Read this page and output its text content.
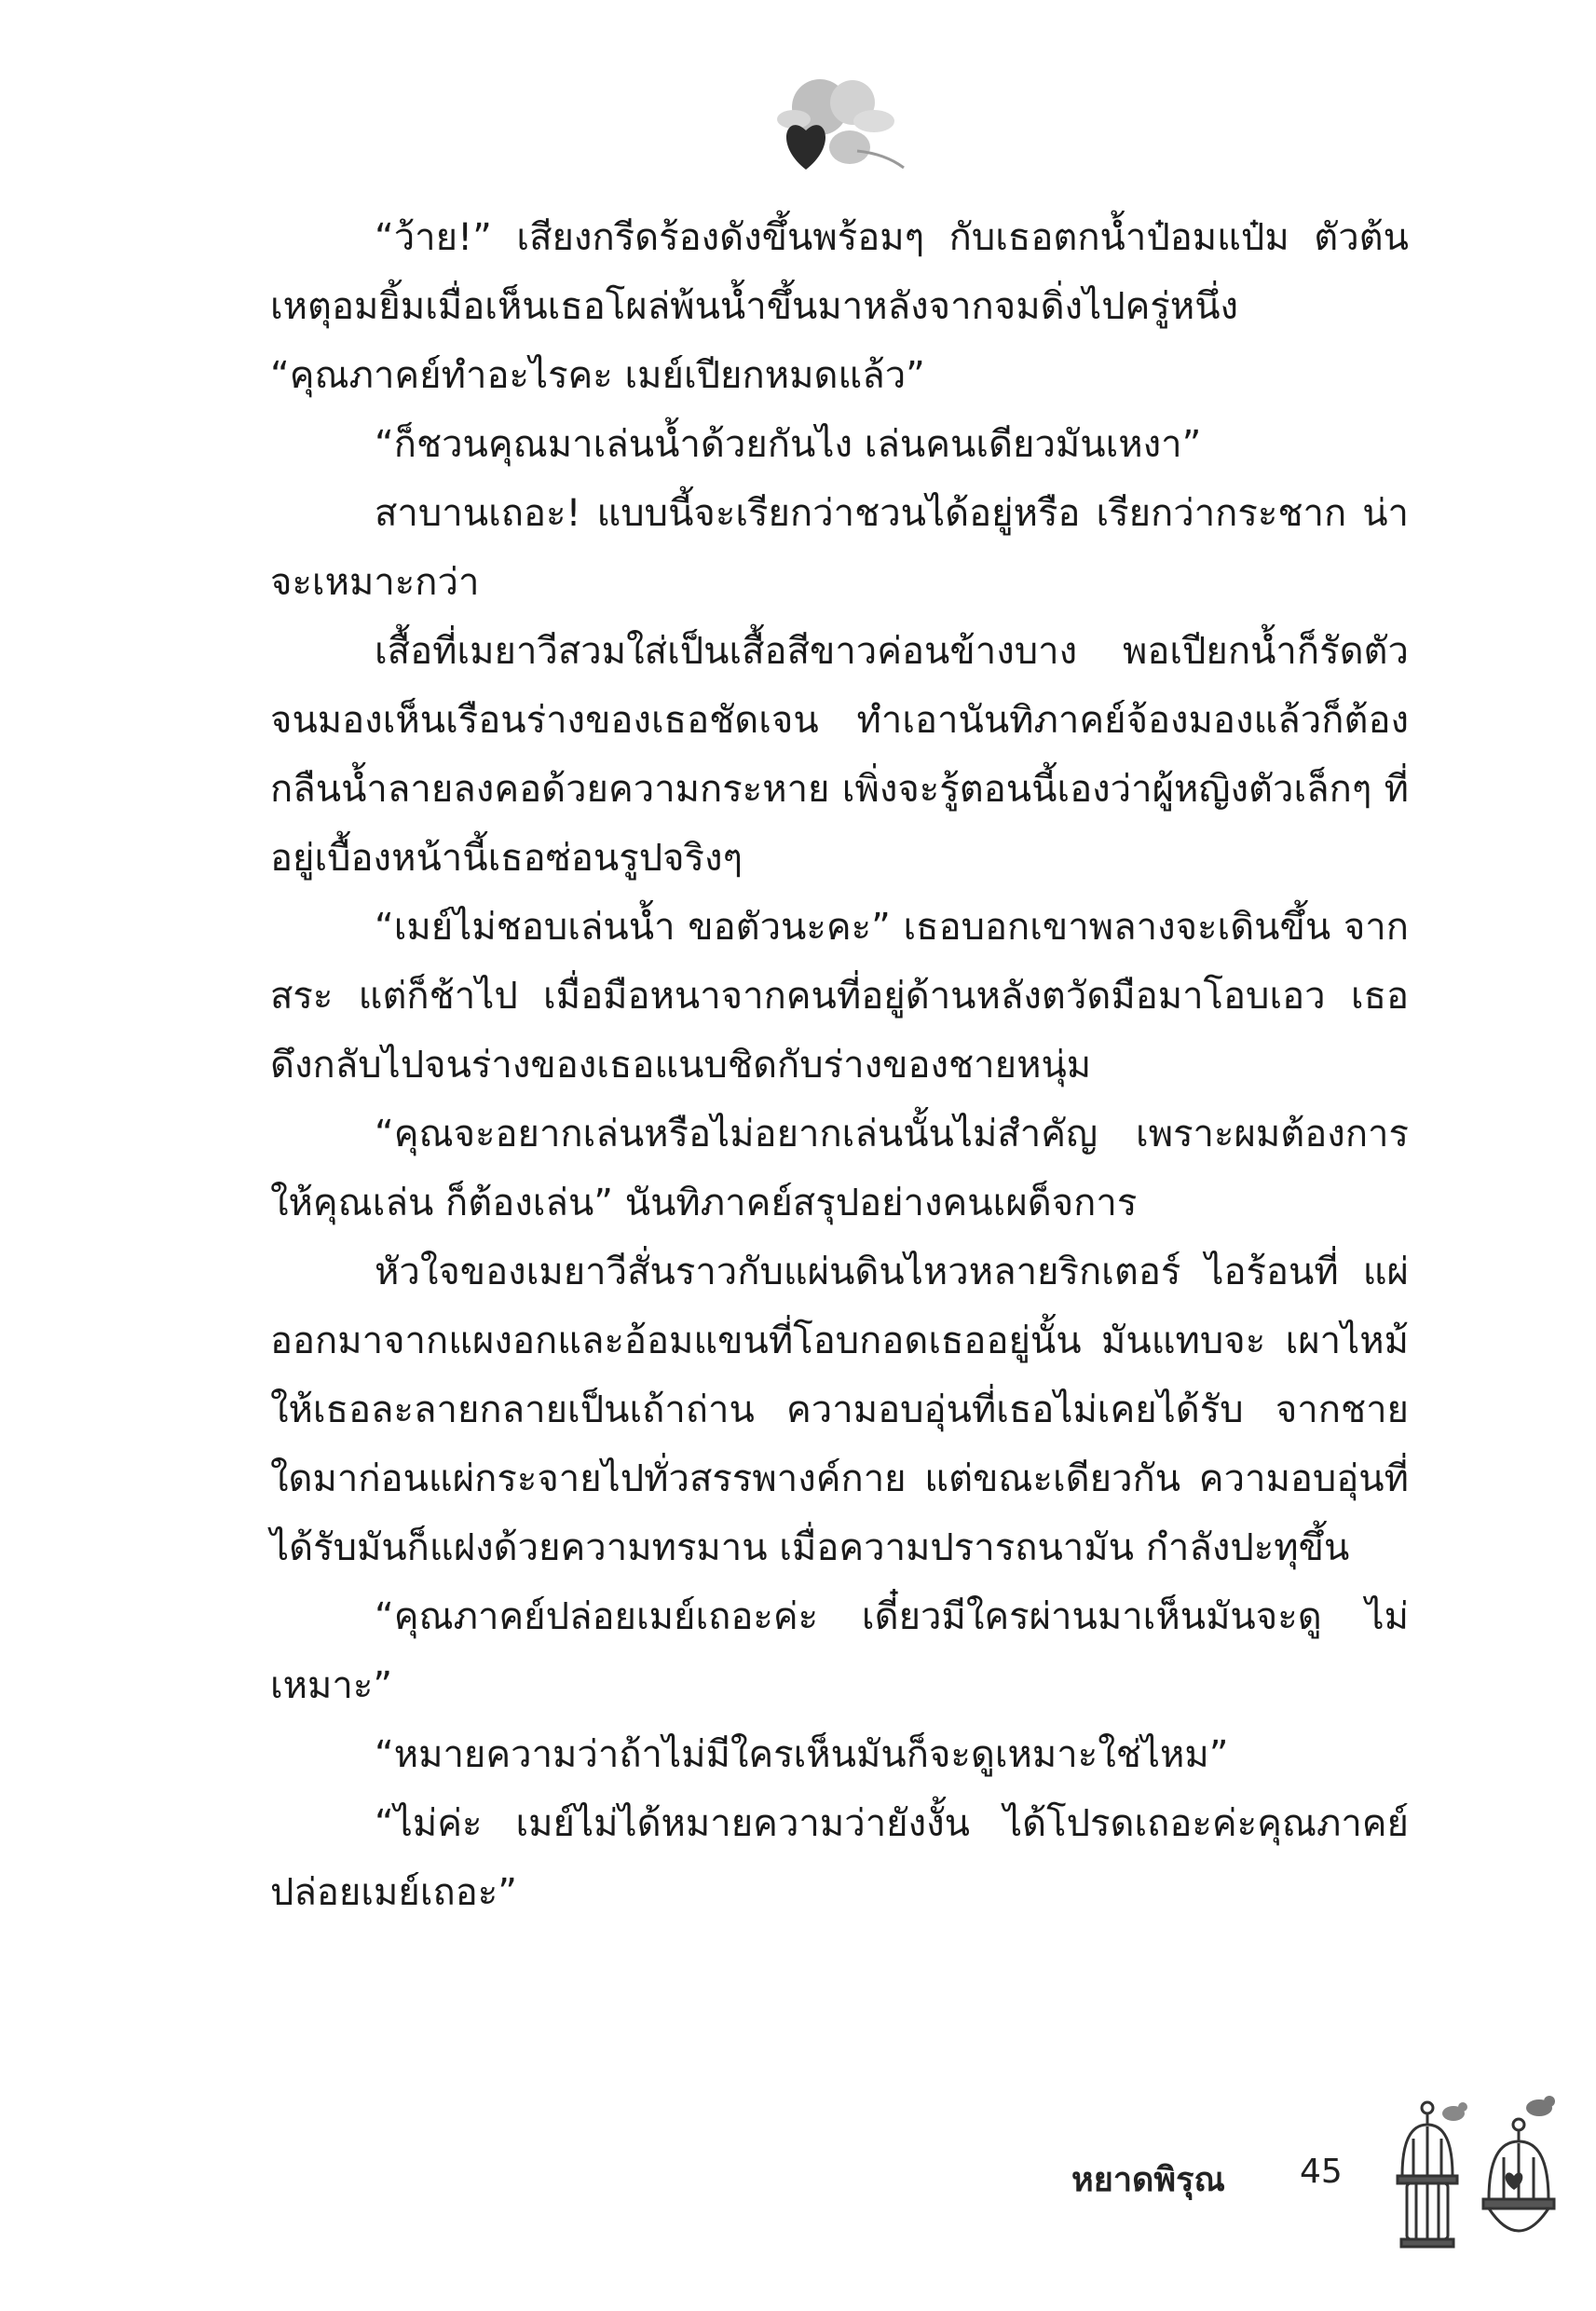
“ว้าย!” เสียงกรีดร้องดังขึ้นพร้อมๆ กับเธอตกน้ำป๋อมแป๋ม ตัวต้นเหตุอมยิ้มเมื่อเห็นเธอโผล่พ้นน้ำขึ้นมาหลังจากจมดิ่งไปครู่หนึ่ง

“คุณภาคย์ทำอะไรคะ เมย์เปียกหมดแล้ว”

“ก็ชวนคุณมาเล่นน้ำด้วยกันไง เล่นคนเดียวมันเหงา”

สาบานเถอะ! แบบนี้จะเรียกว่าชวนได้อยู่หรือ เรียกว่ากระชาก น่าจะเหมาะกว่า

เสื้อที่เมยาวีสวมใส่เป็นเสื้อสีขาวค่อนข้างบาง พอเปียกน้ำก็รัดตัว จนมองเห็นเรือนร่างของเธอชัดเจน ทำเอานันทิภาคย์จ้องมองแล้วก็ต้อง กลืนน้ำลายลงคอด้วยความกระหาย เพิ่งจะรู้ตอนนี้เองว่าผู้หญิงตัวเล็กๆ ที่อยู่เบื้องหน้านี้เธอซ่อนรูปจริงๆ

“เมย์ไม่ชอบเล่นน้ำ ขอตัวนะคะ” เธอบอกเขาพลางจะเดินขึ้น จากสระ แต่ก็ช้าไป เมื่อมือหนาจากคนที่อยู่ด้านหลังตวัดมือมาโอบเอว เธอดึงกลับไปจนร่างของเธอแนบชิดกับร่างของชายหนุ่ม

“คุณจะอยากเล่นหรือไม่อยากเล่นนั้นไม่สำคัญ เพราะผมต้องการ ให้คุณเล่น ก็ต้องเล่น” นันทิภาคย์สรุปอย่างคนเผด็จการ

หัวใจของเมยาวีสั่นราวกับแผ่นดินไหวหลายริกเตอร์ ไอร้อนที่ แผ่ออกมาจากแผงอกและอ้อมแขนที่โอบกอดเธออยู่นั้น มันแทบจะ เผาไหม้ให้เธอละลายกลายเป็นเถ้าถ่าน ความอบอุ่นที่เธอไม่เคยได้รับ จากชายใดมาก่อนแผ่กระจายไปทั่วสรรพางค์กาย แต่ขณะเดียวกัน ความอบอุ่นที่ได้รับมันก็แฝงด้วยความทรมาน เมื่อความปรารถนามัน กำลังปะทุขึ้น

“คุณภาคย์ปล่อยเมย์เถอะค่ะ เดี๋ยวมีใครผ่านมาเห็นมันจะดู ไม่เหมาะ”

“หมายความว่าถ้าไม่มีใครเห็นมันก็จะดูเหมาะใช่ไหม”

“ไม่ค่ะ เมย์ไม่ได้หมายความว่ายังงั้น ได้โปรดเถอะค่ะคุณภาคย์ ปล่อยเมย์เถอะ”

หยาดพิรุณ 45
